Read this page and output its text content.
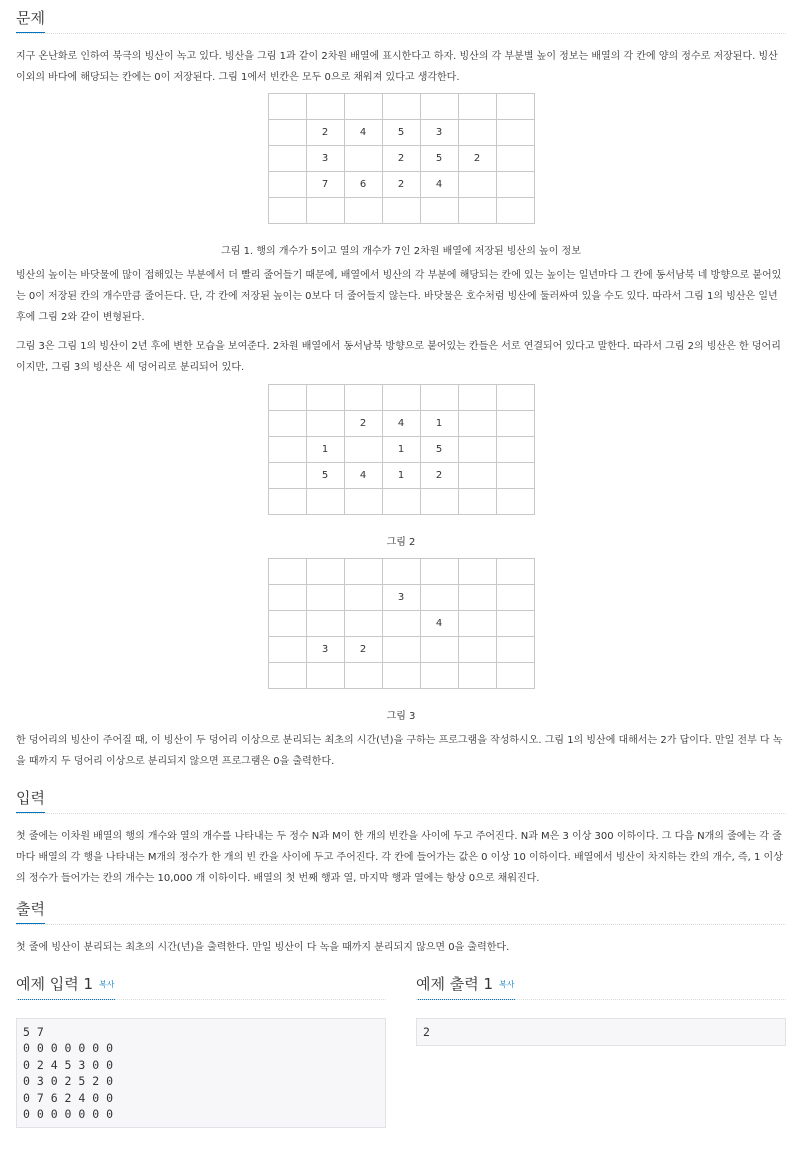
문제

지구 온난화로 인하여 북극의 빙산이 녹고 있다. 빙산을 그림 1과 같이 2차원 배열에 표시한다고 하자. 빙산의 각 부분별 높이 정보는 배열의 각 칸에 양의 정수로 저장된다. 빙산 이외의 바다에 해당되는 칸에는 0이 저장된다. 그림 1에서 빈칸은 모두 0으로 채워져 있다고 생각한다.

	2	4	5	3		
	3		2	5	2	
	7	6	2	4		

그림 1. 행의 개수가 5이고 열의 개수가 7인 2차원 배열에 저장된 빙산의 높이 정보

빙산의 높이는 바닷물에 많이 접해있는 부분에서 더 빨리 줄어들기 때문에, 배열에서 빙산의 각 부분에 해당되는 칸에 있는 높이는 일년마다 그 칸에 동서남북 네 방향으로 붙어있는 0이 저장된 칸의 개수만큼 줄어든다. 단, 각 칸에 저장된 높이는 0보다 더 줄어들지 않는다. 바닷물은 호수처럼 빙산에 둘러싸여 있을 수도 있다. 따라서 그림 1의 빙산은 일년후에 그림 2와 같이 변형된다.

그림 3은 그림 1의 빙산이 2년 후에 변한 모습을 보여준다. 2차원 배열에서 동서남북 방향으로 붙어있는 칸들은 서로 연결되어 있다고 말한다. 따라서 그림 2의 빙산은 한 덩어리이지만, 그림 3의 빙산은 세 덩어리로 분리되어 있다.

		2	4	1		
	1		1	5		
	5	4	1	2		

그림 2

			3			
				4		
	3	2				

그림 3

한 덩어리의 빙산이 주어질 때, 이 빙산이 두 덩어리 이상으로 분리되는 최초의 시간(년)을 구하는 프로그램을 작성하시오. 그림 1의 빙산에 대해서는 2가 답이다. 만일 전부 다 녹을 때까지 두 덩어리 이상으로 분리되지 않으면 프로그램은 0을 출력한다.

입력

첫 줄에는 이차원 배열의 행의 개수와 열의 개수를 나타내는 두 정수 N과 M이 한 개의 빈칸을 사이에 두고 주어진다. N과 M은 3 이상 300 이하이다. 그 다음 N개의 줄에는 각 줄마다 배열의 각 행을 나타내는 M개의 정수가 한 개의 빈 칸을 사이에 두고 주어진다. 각 칸에 들어가는 값은 0 이상 10 이하이다. 배열에서 빙산이 차지하는 칸의 개수, 즉, 1 이상의 정수가 들어가는 칸의 개수는 10,000 개 이하이다. 배열의 첫 번째 행과 열, 마지막 행과 열에는 항상 0으로 채워진다.

출력

첫 줄에 빙산이 분리되는 최초의 시간(년)을 출력한다. 만일 빙산이 다 녹을 때까지 분리되지 않으면 0을 출력한다.

예제 입력 1 복사
5 7
0 0 0 0 0 0 0
0 2 4 5 3 0 0
0 3 0 2 5 2 0
0 7 6 2 4 0 0
0 0 0 0 0 0 0
예제 출력 1 복사
2
